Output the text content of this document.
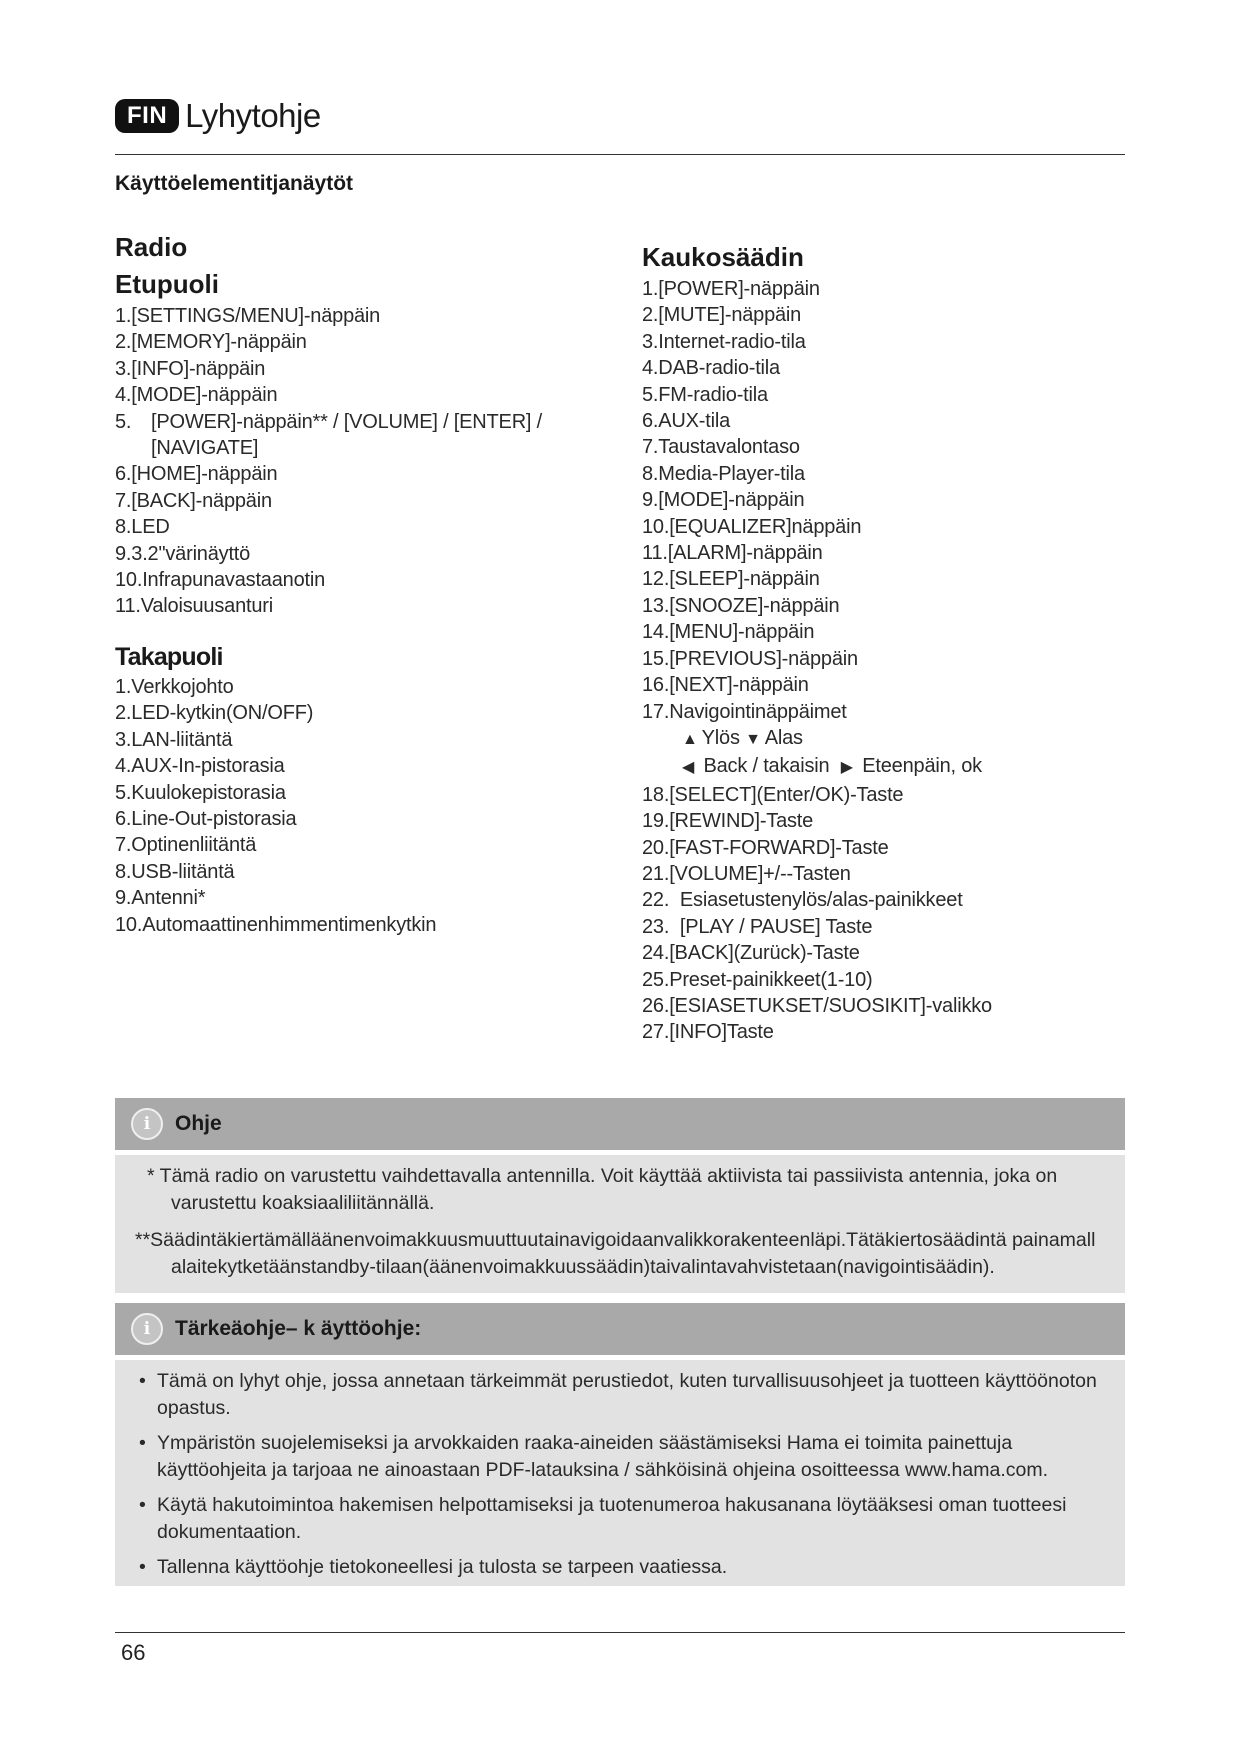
FIN Lyhytohje
Käyttöelementitjanäytöt
Radio
Etupuoli
1.[SETTINGS/MENU]-näppäin
2.[MEMORY]-näppäin
3.[INFO]-näppäin
4.[MODE]-näppäin
5. [POWER]-näppäin** / [VOLUME] / [ENTER] / [NAVIGATE]
6.[HOME]-näppäin
7.[BACK]-näppäin
8.LED
9.3.2"värinäyttö
10.Infrapunavastaanotin
11.Valoisuusanturi
Takapuoli
1.Verkkojohto
2.LED-kytkin(ON/OFF)
3.LAN-liitäntä
4.AUX-In-pistorasia
5.Kuulokepistorasia
6.Line-Out-pistorasia
7.Optinenliitäntä
8.USB-liitäntä
9.Antenni*
10.Automaattinenhimmentimenkytkin
Kaukosäädin
1.[POWER]-näppäin
2.[MUTE]-näppäin
3.Internet-radio-tila
4.DAB-radio-tila
5.FM-radio-tila
6.AUX-tila
7.Taustavalontaso
8.Media-Player-tila
9.[MODE]-näppäin
10.[EQUALIZER]näppäin
11.[ALARM]-näppäin
12.[SLEEP]-näppäin
13.[SNOOZE]-näppäin
14.[MENU]-näppäin
15.[PREVIOUS]-näppäin
16.[NEXT]-näppäin
17.Navigointinäppäimet
▲ Ylös ▼ Alas
◀ Back / takaisin ▶ Eteenpäin, ok
18.[SELECT](Enter/OK)-Taste
19.[REWIND]-Taste
20.[FAST-FORWARD]-Taste
21.[VOLUME]+/--Tasten
22.  Esiasetustenylös/alas-painikkeet
23.  [PLAY / PAUSE] Taste
24.[BACK](Zurück)-Taste
25.Preset-painikkeet(1-10)
26.[ESIASETUKSET/SUOSIKIT]-valikko
27.[INFO]Taste
i	Ohje
* Tämä radio on varustettu vaihdettavalla antennilla. Voit käyttää aktiivista tai passiivista antennia, joka on varustettu koaksiaaliliitännällä.
**Säädintäkiertämälläänenvoimakkuusmuuttuutainavigoidaanvalikkorakenteenläpi.Tätäkiertosäädintä painamallalaitekytketäänstandby-tilaan(äänenvoimakkuussäädin)taivalintavahvistetaan(navigointisäädin).
i	Tärkeäohje– k äyttöohje:
• Tämä on lyhyt ohje, jossa annetaan tärkeimmät perustiedot, kuten turvallisuusohjeet ja tuotteen käyttöönoton opastus.
• Ympäristön suojelemiseksi ja arvokkaiden raaka-aineiden säästämiseksi Hama ei toimita painettuja käyttöohjeita ja tarjoaa ne ainoastaan PDF-latauksina / sähköisinä ohjeina osoitteessa www.hama.com.
• Käytä hakutoimintoa hakemisen helpottamiseksi ja tuotenumeroa hakusanana löytääksesi oman tuotteesi dokumentaation.
• Tallenna käyttöohje tietokoneellesi ja tulosta se tarpeen vaatiessa.
66
